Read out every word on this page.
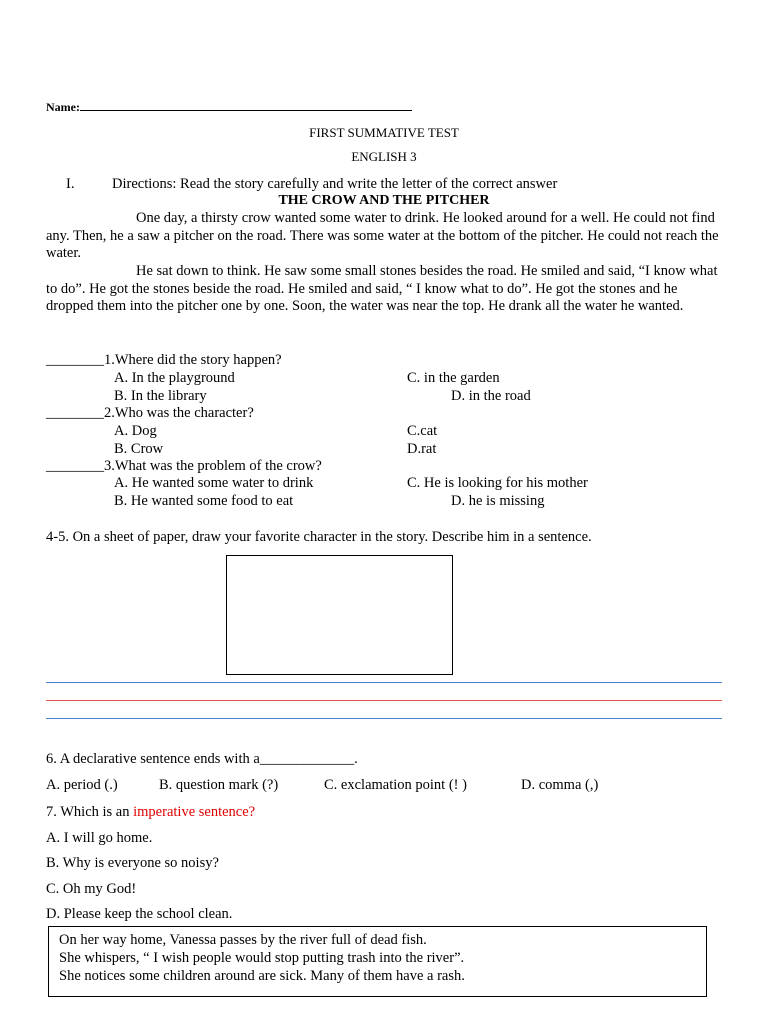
Name:
FIRST SUMMATIVE TEST
ENGLISH 3
I.	Directions: Read the story carefully and write the letter of the correct answer
THE CROW AND THE PITCHER
One day, a thirsty crow wanted some water to drink. He looked around for a well. He could not find any. Then, he a saw a pitcher on the road. There was some water at the bottom of the pitcher. He could not reach the water.
He sat down to think. He saw some small stones besides the road. He smiled and said, “I know what to do”. He got the stones beside the road. He smiled and said, “ I know what to do”. He got the stones and he dropped them into the pitcher one by one. Soon, the water was near the top. He drank all the water he wanted.
________1.Where did the story happen?
A. In the playground	C. in the garden
B. In the library	D. in the road
________2.Who was the character?
A. Dog	C.cat
B. Crow	D.rat
________3.What was the problem of the crow?
A. He wanted some water to drink	C. He is looking for his mother
B. He wanted some food to eat	D. he is missing
4-5. On a sheet of paper, draw your favorite character in the story. Describe him in a sentence.
6. A declarative sentence ends with a_____________.
A. period (.)	B. question mark (?)	C. exclamation point (! )	D. comma (,)
7. Which is an imperative sentence?
A. I will go home.
B. Why is everyone so noisy?
C. Oh my God!
D. Please keep the school clean.
On her way home, Vanessa passes by the river full of dead fish.
She whispers, “ I wish people would stop putting trash into the river”.
She notices some children around are sick. Many of them have a rash.
